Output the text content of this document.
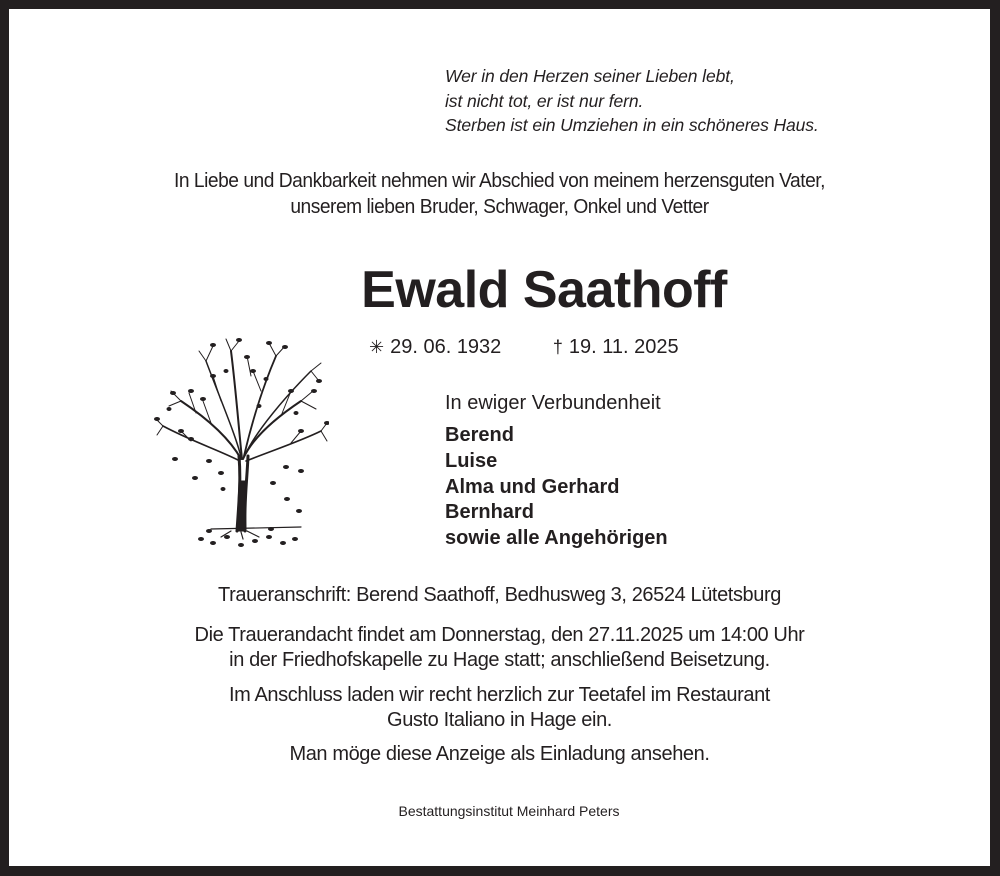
Wer in den Herzen seiner Lieben lebt,
ist nicht tot, er ist nur fern.
Sterben ist ein Umziehen in ein schöneres Haus.
In Liebe und Dankbarkeit nehmen wir Abschied von meinem herzensguten Vater,
unserem lieben Bruder, Schwager, Onkel und Vetter
Ewald Saathoff
✳ 29. 06. 1932	† 19. 11. 2025
In ewiger Verbundenheit
Berend
Luise
Alma und Gerhard
Bernhard
sowie alle Angehörigen
Traueranschrift: Berend Saathoff, Bedhusweg 3, 26524 Lütetsburg
Die Trauerandacht findet am Donnerstag, den 27.11.2025 um 14:00 Uhr
in der Friedhofskapelle zu Hage statt; anschließend Beisetzung.
Im Anschluss laden wir recht herzlich zur Teetafel im Restaurant
Gusto Italiano in Hage ein.
Man möge diese Anzeige als Einladung ansehen.
Bestattungsinstitut Meinhard Peters
